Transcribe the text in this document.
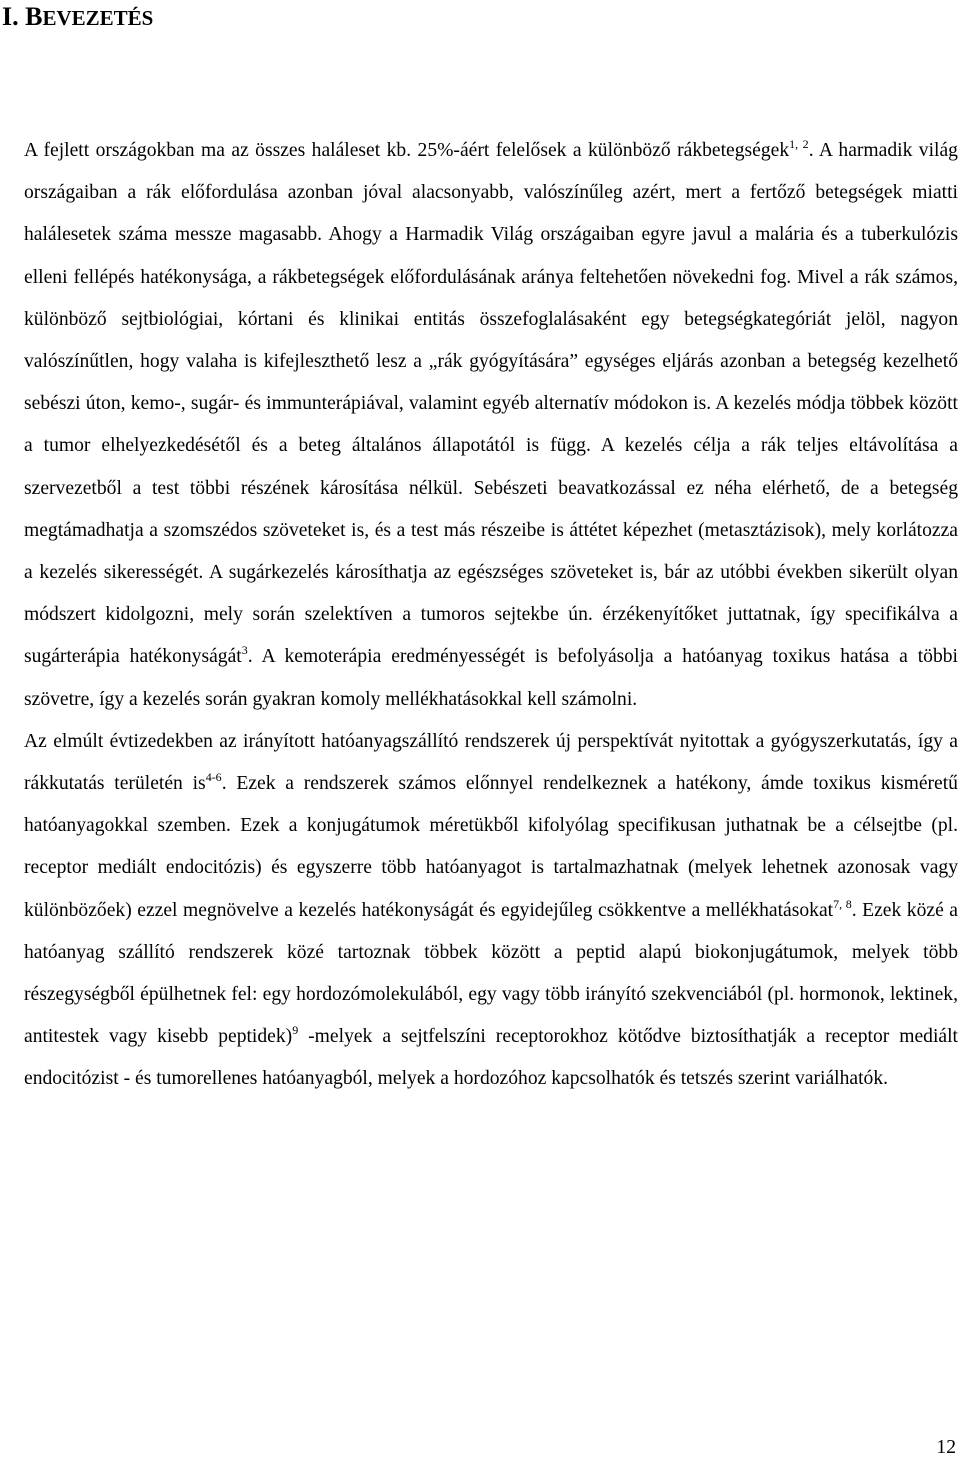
I. BEVEZETÉS

A fejlett országokban ma az összes haláleset kb. 25%-áért felelősek a különböző rákbetegségek$^{1, 2}$. A harmadik világ országaiban a rák előfordulása azonban jóval alacsonyabb, valószínűleg azért, mert a fertőző betegségek miatti halálesetek száma messze magasabb. Ahogy a Harmadik Világ országaiban egyre javul a malária és a tuberkulózis elleni fellépés hatékonysága, a rákbetegségek előfordulásának aránya feltehetően növekedni fog. Mivel a rák számos, különböző sejtbiológiai, kórtani és klinikai entitás összefoglalásaként egy betegségkategóriát jelöl, nagyon valószínűtlen, hogy valaha is kifejleszthető lesz a „rák gyógyítására” egységes eljárás azonban a betegség kezelhető sebészi úton, kemo-, sugár- és immunterápiával, valamint egyéb alternatív módokon is. A kezelés módja többek között a tumor elhelyezkedésétől és a beteg általános állapotától is függ. A kezelés célja a rák teljes eltávolítása a szervezetből a test többi részének károsítása nélkül. Sebészeti beavatkozással ez néha elérhető, de a betegség megtámadhatja a szomszédos szöveteket is, és a test más részeibe is áttétet képezhet (metasztázisok), mely korlátozza a kezelés sikerességét. A sugárkezelés károsíthatja az egészséges szöveteket is, bár az utóbbi években sikerült olyan módszert kidolgozni, mely során szelektíven a tumoros sejtekbe ún. érzékenyítőket juttatnak, így specifikálva a sugárterápia hatékonyságát$^3$. A kemoterápia eredményességét is befolyásolja a hatóanyag toxikus hatása a többi szövetre, így a kezelés során gyakran komoly mellékhatásokkal kell számolni.

Az elmúlt évtizedekben az irányított hatóanyagszállító rendszerek új perspektívát nyitottak a gyógyszerkutatás, így a rákkutatás területén $is^{4-6}$. Ezek a rendszerek számos előnnyel rendelkeznek a hatékony, ámde toxikus kisméretű hatóanyagokkal szemben. Ezek a konjugátumok méretükből kifolyólag specifikusan juthatnak be a célsejtbe (pl. receptor mediált endocitózis) és egyszerre több hatóanyagot is tartalmazhatnak (melyek lehetnek azonosak vagy különbözőek) ezzel megnövelve a kezelés hatékonyságát és egyidejűleg csökkentve a mellékhatásokat$^{7, 8}$. Ezek közé a hatóanyag szállító rendszerek közé tartoznak többek között a peptid alapú biokonjugátumok, melyek több részegységből épülhetnek fel: egy hordozómolekulából, egy vagy több irányító szekvenciából (pl. hormonok, lektinek, antitestek vagy kisebb peptidek)$^9$ -melyek a sejtfelszíni receptorokhoz kötődve biztosíthatják a receptor mediált endocitózist - és tumorellenes hatóanyagból, melyek a hordozóhoz kapcsolhatók és tetszés szerint variálhatók.

12
